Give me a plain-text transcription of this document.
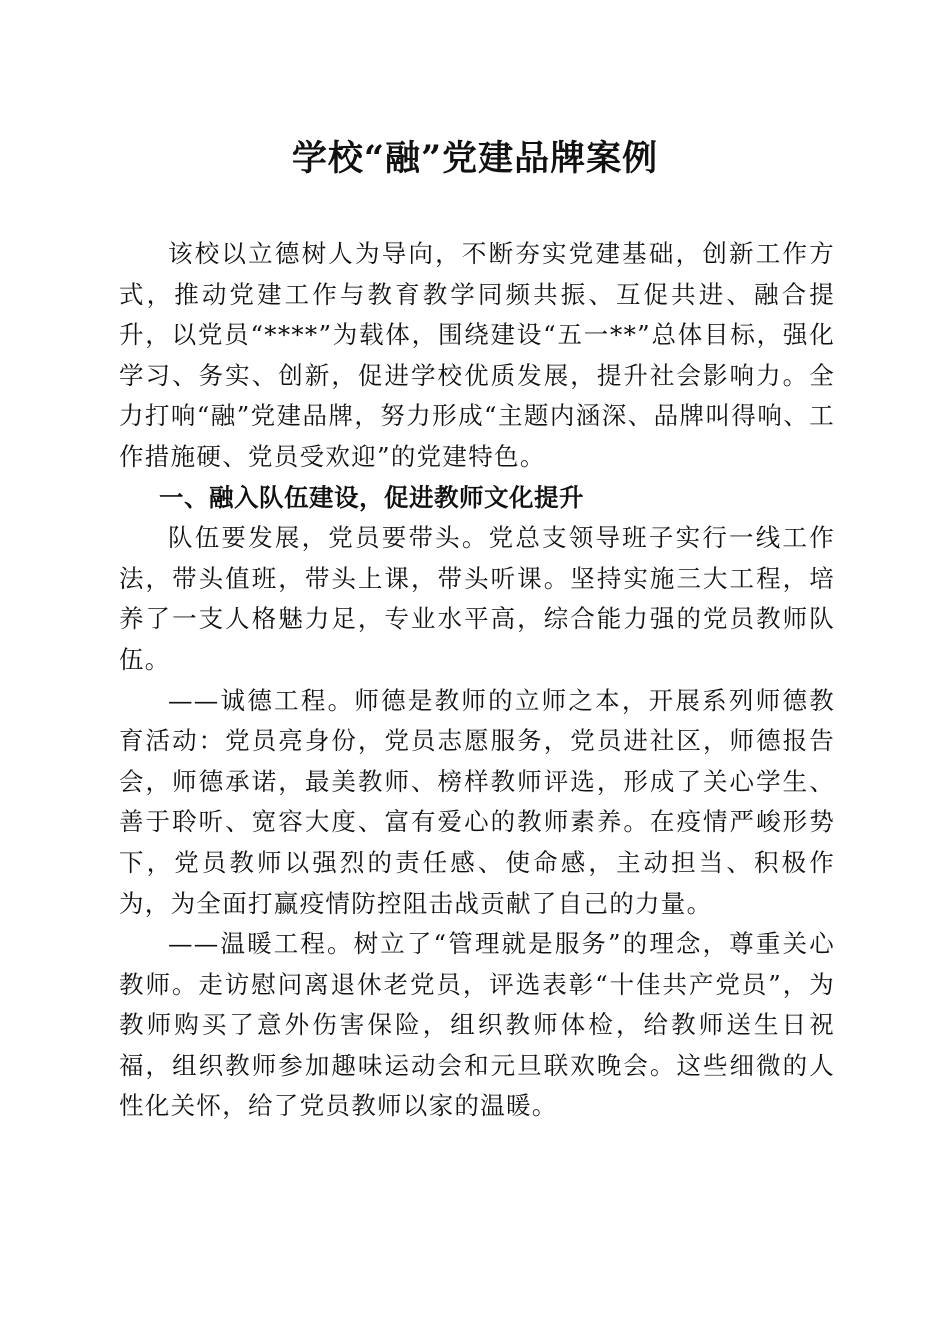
学校“融”党建品牌案例

该校以立德树人为导向，不断夯实党建基础，创新工作方式，推动党建工作与教育教学同频共振、互促共进、融合提升，以党员“****”为载体，围绕建设“五一**”总体目标，强化学习、务实、创新，促进学校优质发展，提升社会影响力。全力打响“融”党建品牌，努力形成“主题内涵深、品牌叫得响、工作措施硬、党员受欢迎”的党建特色。

一、融入队伍建设，促进教师文化提升

队伍要发展，党员要带头。党总支领导班子实行一线工作法，带头值班，带头上课，带头听课。坚持实施三大工程，培养了一支人格魅力足，专业水平高，综合能力强的党员教师队伍。

——诚德工程。师德是教师的立师之本，开展系列师德教育活动：党员亮身份，党员志愿服务，党员进社区，师德报告会，师德承诺，最美教师、榜样教师评选，形成了关心学生、善于聆听、宽容大度、富有爱心的教师素养。在疫情严峻形势下，党员教师以强烈的责任感、使命感，主动担当、积极作为，为全面打赢疫情防控阻击战贡献了自己的力量。

——温暖工程。树立了“管理就是服务”的理念，尊重关心教师。走访慰问离退休老党员，评选表彰“十佳共产党员”，为教师购买了意外伤害保险，组织教师体检，给教师送生日祝福，组织教师参加趣味运动会和元旦联欢晚会。这些细微的人性化关怀，给了党员教师以家的温暖。
